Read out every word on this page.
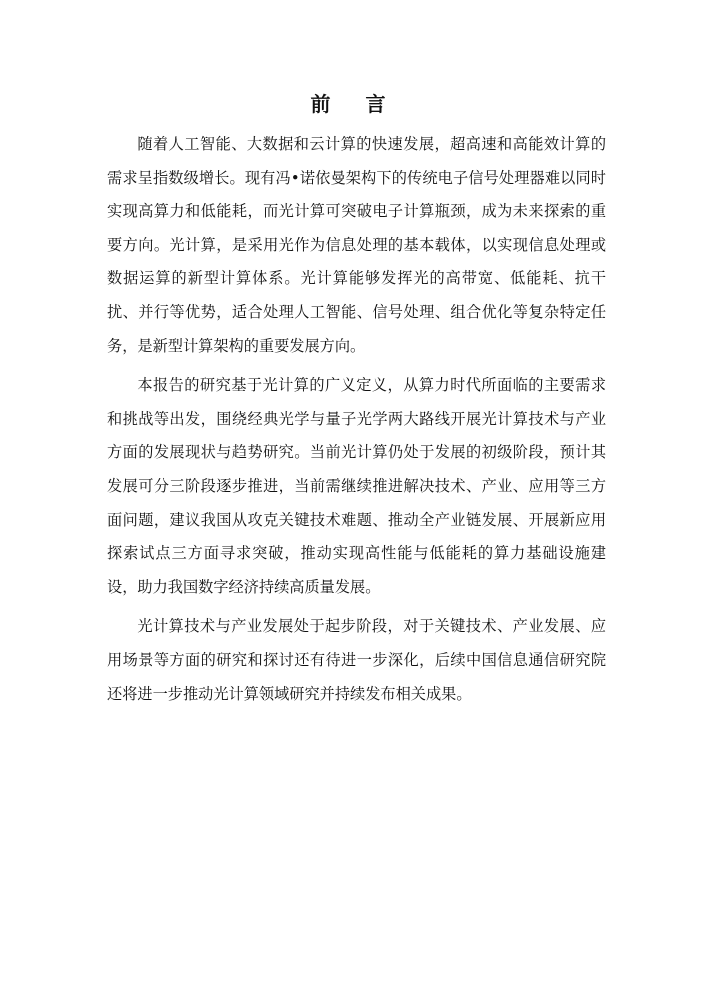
前 言

随着人工智能、大数据和云计算的快速发展，超高速和高能效计算的需求呈指数级增长。现有冯•诺依曼架构下的传统电子信号处理器难以同时实现高算力和低能耗，而光计算可突破电子计算瓶颈，成为未来探索的重要方向。光计算，是采用光作为信息处理的基本载体，以实现信息处理或数据运算的新型计算体系。光计算能够发挥光的高带宽、低能耗、抗干扰、并行等优势，适合处理人工智能、信号处理、组合优化等复杂特定任务，是新型计算架构的重要发展方向。

本报告的研究基于光计算的广义定义，从算力时代所面临的主要需求和挑战等出发，围绕经典光学与量子光学两大路线开展光计算技术与产业方面的发展现状与趋势研究。当前光计算仍处于发展的初级阶段，预计其发展可分三阶段逐步推进，当前需继续推进解决技术、产业、应用等三方面问题，建议我国从攻克关键技术难题、推动全产业链发展、开展新应用探索试点三方面寻求突破，推动实现高性能与低能耗的算力基础设施建设，助力我国数字经济持续高质量发展。

光计算技术与产业发展处于起步阶段，对于关键技术、产业发展、应用场景等方面的研究和探讨还有待进一步深化，后续中国信息通信研究院还将进一步推动光计算领域研究并持续发布相关成果。
